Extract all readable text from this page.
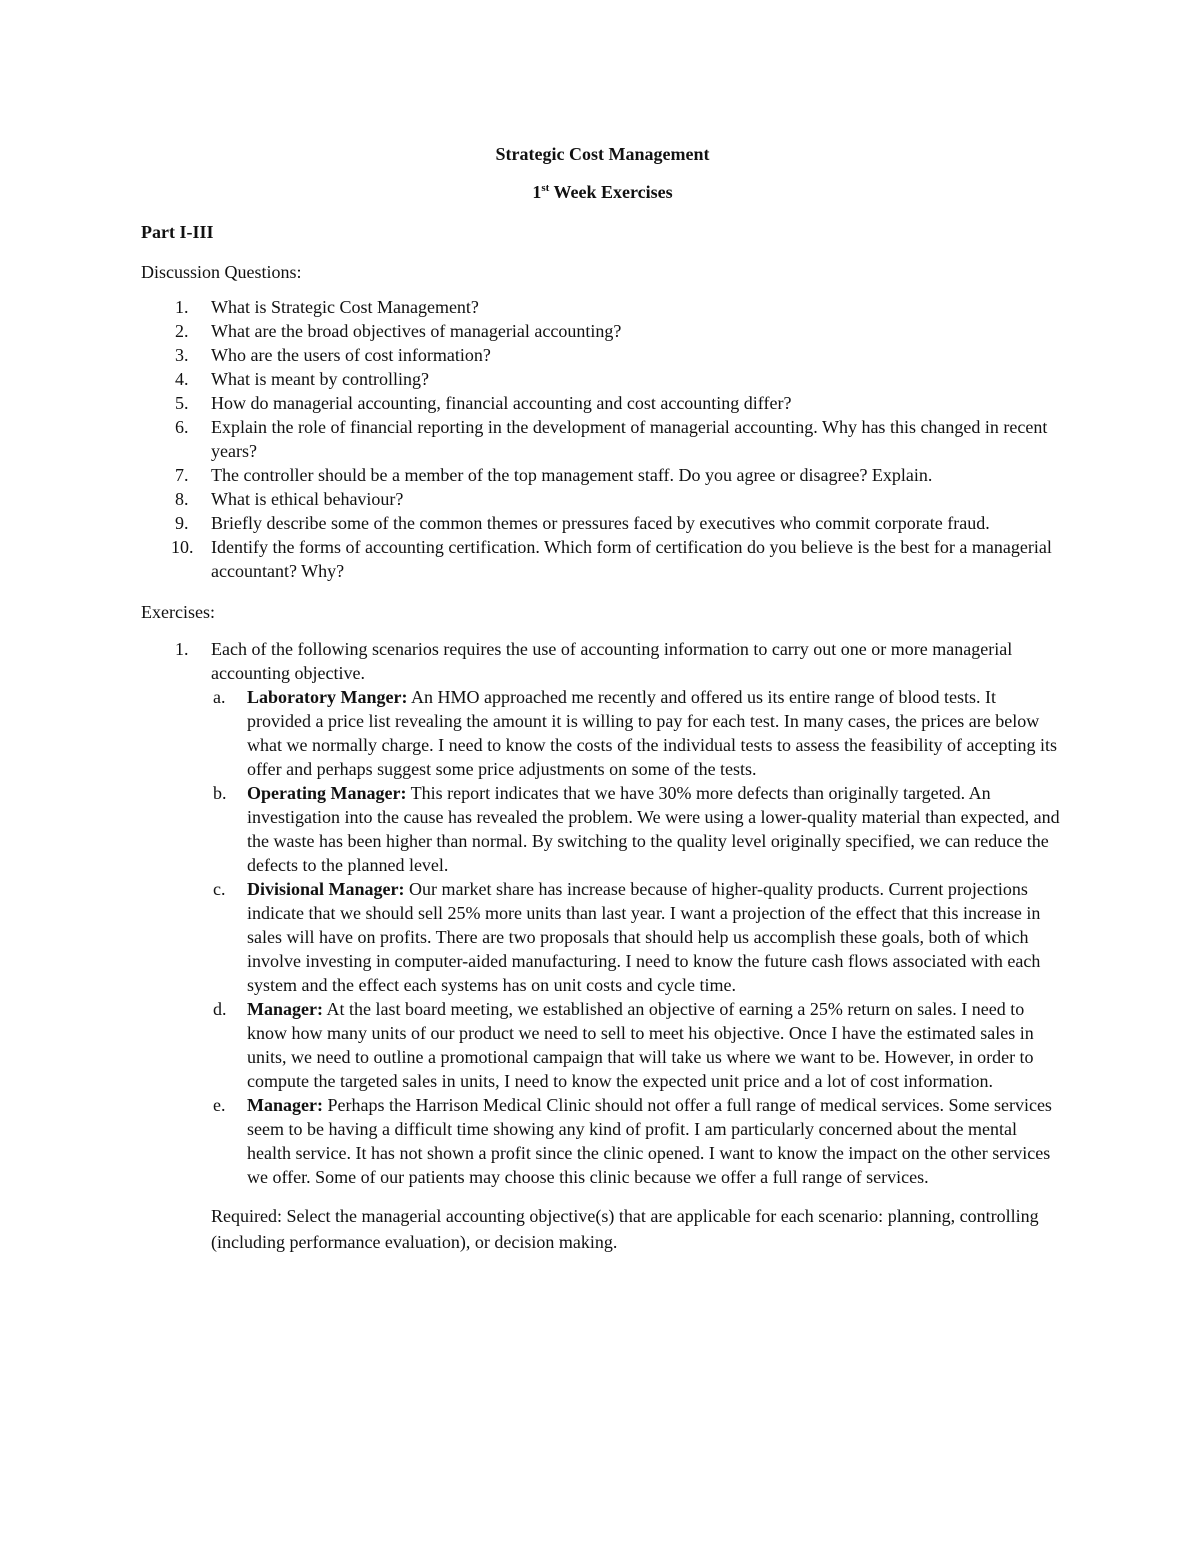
Strategic Cost Management
1st Week Exercises
Part I-III
Discussion Questions:
1. What is Strategic Cost Management?
2. What are the broad objectives of managerial accounting?
3. Who are the users of cost information?
4. What is meant by controlling?
5. How do managerial accounting, financial accounting and cost accounting differ?
6. Explain the role of financial reporting in the development of managerial accounting. Why has this changed in recent years?
7. The controller should be a member of the top management staff. Do you agree or disagree? Explain.
8. What is ethical behaviour?
9. Briefly describe some of the common themes or pressures faced by executives who commit corporate fraud.
10. Identify the forms of accounting certification. Which form of certification do you believe is the best for a managerial accountant? Why?
Exercises:
1. Each of the following scenarios requires the use of accounting information to carry out one or more managerial accounting objective.
a. Laboratory Manger: An HMO approached me recently and offered us its entire range of blood tests. It provided a price list revealing the amount it is willing to pay for each test. In many cases, the prices are below what we normally charge. I need to know the costs of the individual tests to assess the feasibility of accepting its offer and perhaps suggest some price adjustments on some of the tests.
b. Operating Manager: This report indicates that we have 30% more defects than originally targeted. An investigation into the cause has revealed the problem. We were using a lower-quality material than expected, and the waste has been higher than normal. By switching to the quality level originally specified, we can reduce the defects to the planned level.
c. Divisional Manager: Our market share has increase because of higher-quality products. Current projections indicate that we should sell 25% more units than last year. I want a projection of the effect that this increase in sales will have on profits. There are two proposals that should help us accomplish these goals, both of which involve investing in computer-aided manufacturing. I need to know the future cash flows associated with each system and the effect each systems has on unit costs and cycle time.
d. Manager: At the last board meeting, we established an objective of earning a 25% return on sales. I need to know how many units of our product we need to sell to meet his objective. Once I have the estimated sales in units, we need to outline a promotional campaign that will take us where we want to be. However, in order to compute the targeted sales in units, I need to know the expected unit price and a lot of cost information.
e. Manager: Perhaps the Harrison Medical Clinic should not offer a full range of medical services. Some services seem to be having a difficult time showing any kind of profit. I am particularly concerned about the mental health service. It has not shown a profit since the clinic opened. I want to know the impact on the other services we offer. Some of our patients may choose this clinic because we offer a full range of services.
Required: Select the managerial accounting objective(s) that are applicable for each scenario: planning, controlling (including performance evaluation), or decision making.
